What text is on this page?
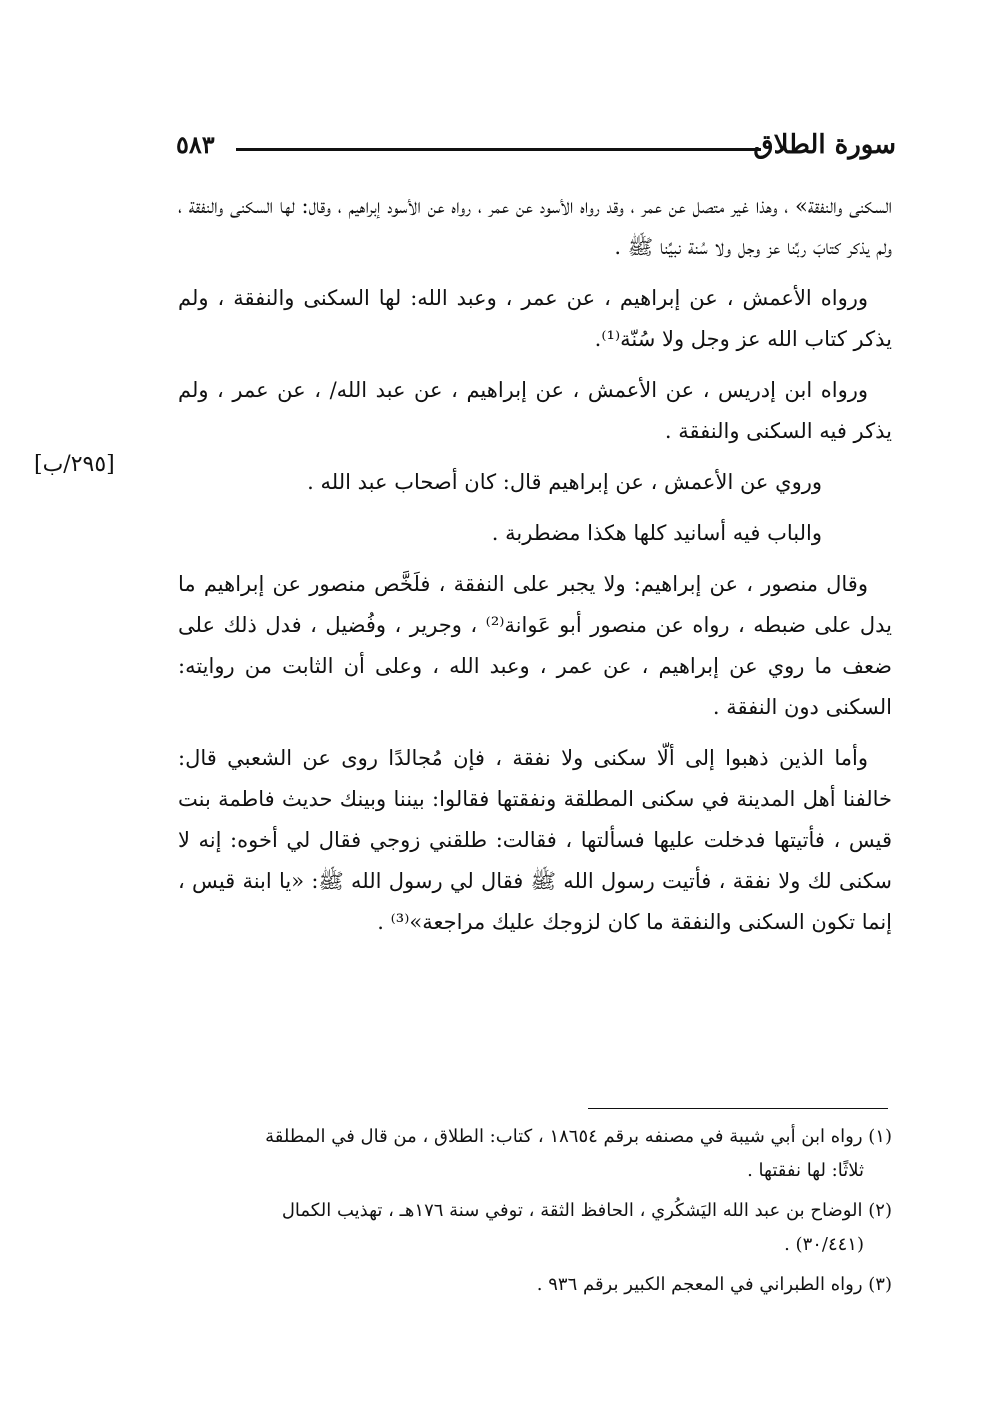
سورة الطلاق
٥٨٣
[٢٩٥/ب]

السكنى والنفقة» ، وهذا غير متصل عن عمر ، وقد رواه الأسود عن عمر ، رواه عن الأسود إبراهيم ، وقال: لها السكنى والنفقة ، ولم يذكر كتابَ ربِّنا عز وجل ولا سُنة نبيِّنا ﷺ .

ورواه الأعمش ، عن إبراهيم ، عن عمر ، وعبد الله: لها السكنى والنفقة ، ولم يذكر كتاب الله عز وجل ولا سُنّة⁽¹⁾.

ورواه ابن إدريس ، عن الأعمش ، عن إبراهيم ، عن عبد الله/ ، عن عمر ، ولم يذكر فيه السكنى والنفقة .

وروي عن الأعمش ، عن إبراهيم قال: كان أصحاب عبد الله .

والباب فيه أسانيد كلها هكذا مضطربة .

وقال منصور ، عن إبراهيم: ولا يجبر على النفقة ، فلَخَّص منصور عن إبراهيم ما يدل على ضبطه ، رواه عن منصور أبو عَوانة⁽²⁾ ، وجرير ، وفُضيل ، فدل ذلك على ضعف ما روي عن إبراهيم ، عن عمر ، وعبد الله ، وعلى أن الثابت من روايته: السكنى دون النفقة .

وأما الذين ذهبوا إلى ألّا سكنى ولا نفقة ، فإن مُجالدًا روى عن الشعبي قال: خالفنا أهل المدينة في سكنى المطلقة ونفقتها فقالوا: بيننا وبينك حديث فاطمة بنت قيس ، فأتيتها فدخلت عليها فسألتها ، فقالت: طلقني زوجي فقال لي أخوه: إنه لا سكنى لك ولا نفقة ، فأتيت رسول الله ﷺ فقال لي رسول الله ﷺ: «يا ابنة قيس ، إنما تكون السكنى والنفقة ما كان لزوجك عليك مراجعة»⁽³⁾ .

(١) رواه ابن أبي شيبة في مصنفه برقم ١٨٦٥٤ ، كتاب: الطلاق ، من قال في المطلقة
ثلاثًا: لها نفقتها .

(٢) الوضاح بن عبد الله اليَشكُري ، الحافظ الثقة ، توفي سنة ١٧٦هـ ، تهذيب الكمال
(٣٠/٤٤١) .

(٣) رواه الطبراني في المعجم الكبير برقم ٩٣٦ .
